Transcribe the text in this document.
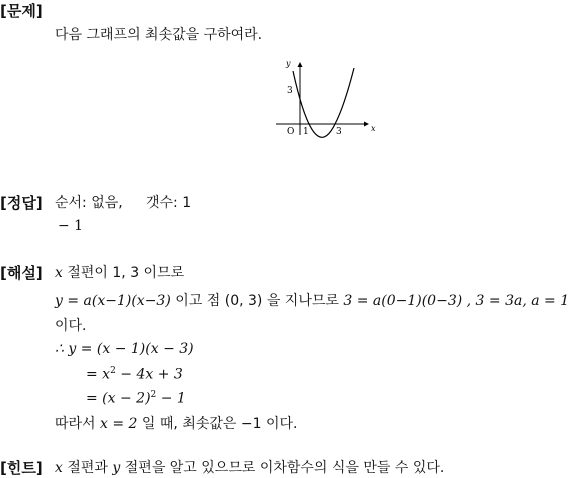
[문제]
다음 그래프의 최솟값을 구하여라.
y
x
3
O 1	3
[정답] 순서: 없음, 갯수: 1
− 1
[해설] x 절편이 1, 3 이므로
y = a(x−1)(x−3) 이고 점 (0, 3) 을 지나므로 3 = a(0−1)(0−3) , 3 = 3a, a = 1
이다.
∴ y = (x − 1)(x − 3)
= $x^2 - 4x + 3$
= $(x - 2)^2 - 1$
따라서 x = 2 일 때, 최솟값은 −1 이다.
[힌트] x 절편과 y 절편을 알고 있으므로 이차함수의 식을 만들 수 있다.
